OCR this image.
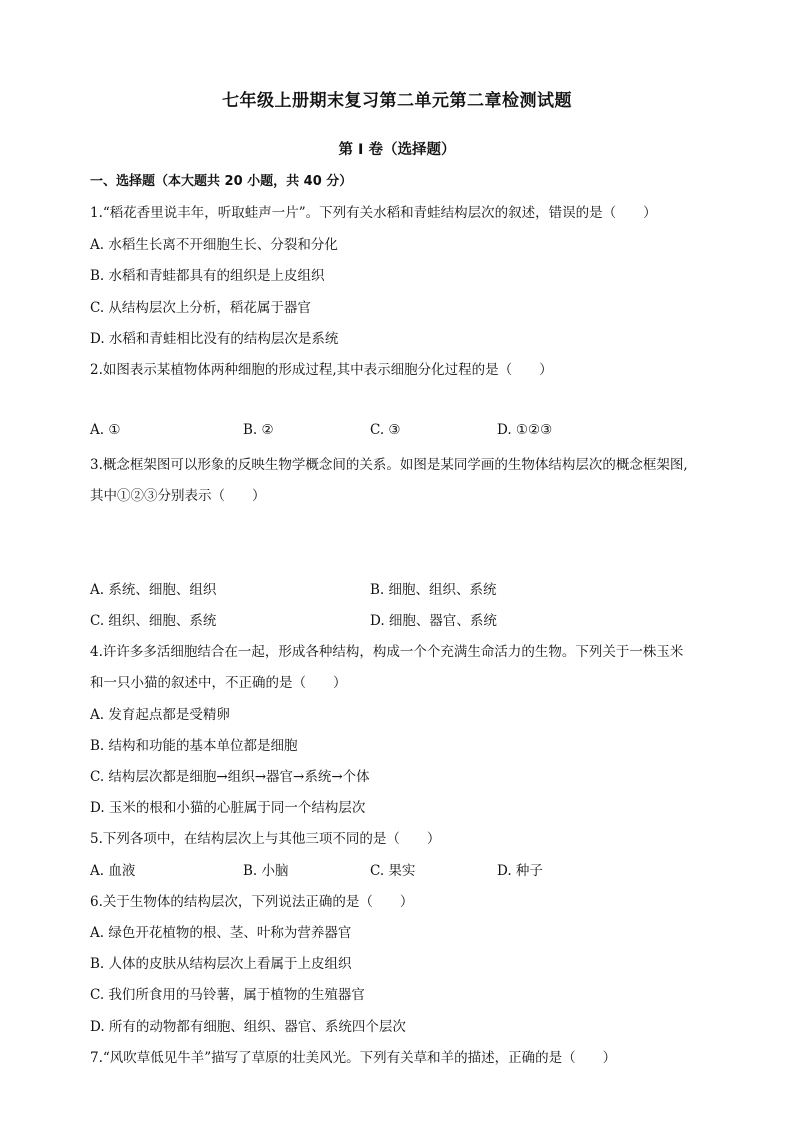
七年级上册期末复习第二单元第二章检测试题
第 I 卷（选择题）
一、选择题（本大题共 20 小题，共 40 分）
1.“稻花香里说丰年，听取蛙声一片”。下列有关水稻和青蛙结构层次的叙述，错误的是（　　）
A. 水稻生长离不开细胞生长、分裂和分化
B. 水稻和青蛙都具有的组织是上皮组织
C. 从结构层次上分析，稻花属于器官
D. 水稻和青蛙相比没有的结构层次是系统
2.如图表示某植物体两种细胞的形成过程,其中表示细胞分化过程的是（　　）
A. ①	B. ②	C. ③	D. ①②③
3.概念框架图可以形象的反映生物学概念间的关系。如图是某同学画的生物体结构层次的概念框架图,
其中①②③分别表示（　　）
A. 系统、细胞、组织	B. 细胞、组织、系统
C. 组织、细胞、系统	D. 细胞、器官、系统
4.许许多多活细胞结合在一起，形成各种结构，构成一个个充满生命活力的生物。下列关于一株玉米
和一只小猫的叙述中，不正确的是（　　）
A. 发育起点都是受精卵
B. 结构和功能的基本单位都是细胞
C. 结构层次都是细胞→组织→器官→系统→个体
D. 玉米的根和小猫的心脏属于同一个结构层次
5.下列各项中，在结构层次上与其他三项不同的是（　　）
A. 血液	B. 小脑	C. 果实	D. 种子
6.关于生物体的结构层次，下列说法正确的是（　　）
A. 绿色开花植物的根、茎、叶称为营养器官
B. 人体的皮肤从结构层次上看属于上皮组织
C. 我们所食用的马铃薯，属于植物的生殖器官
D. 所有的动物都有细胞、组织、器官、系统四个层次
7.“风吹草低见牛羊”描写了草原的壮美风光。下列有关草和羊的描述，正确的是（　　）
